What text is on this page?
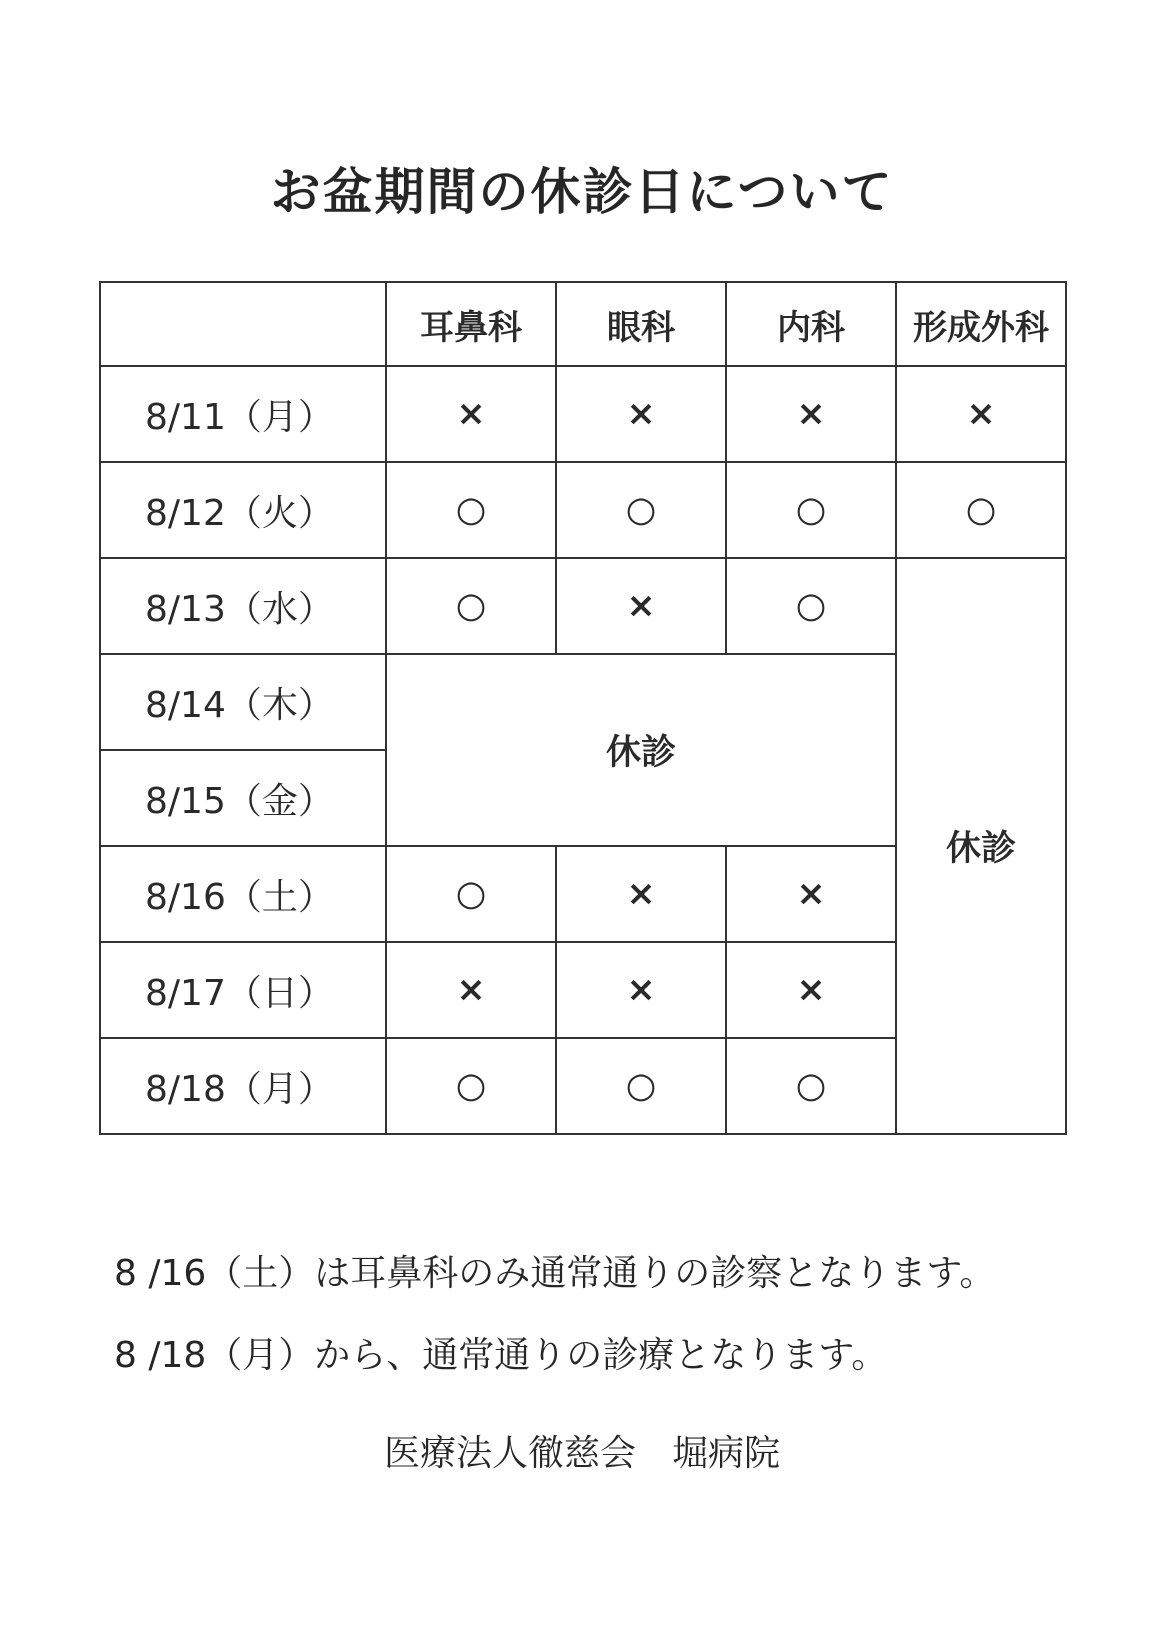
お盆期間の休診日について
	耳鼻科	眼科	内科	形成外科
8/11（月）	×	×	×	×
8/12（火）	○	○	○	○
8/13（水）	○	×	○	休診
8/14（木）	休診			
8/15（金）				
8/16（土）	○	×	×	
8/17（日）	×	×	×	
8/18（月）	○	○	○	
8 /16（土）は耳鼻科のみ通常通りの診察となります。
8 /18（月）から、通常通りの診療となります。
医療法人徹慈会　堀病院
